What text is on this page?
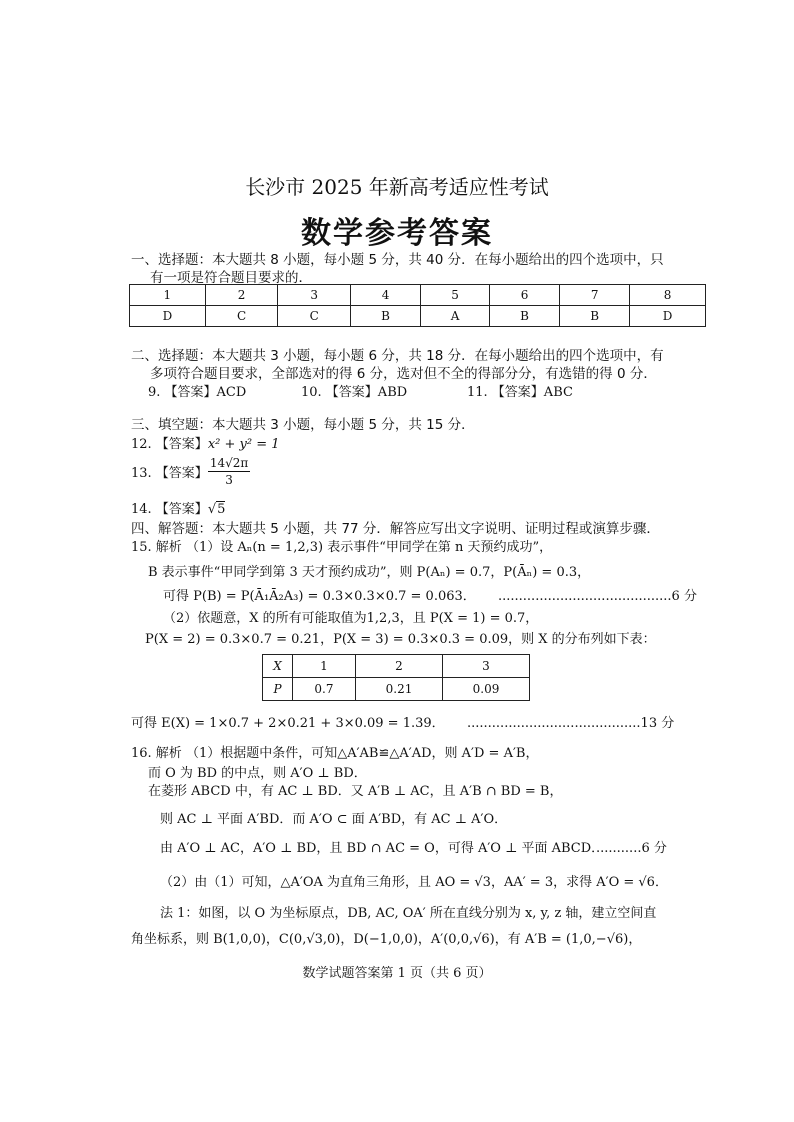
长沙市 2025 年新高考适应性考试
数学参考答案
一、选择题：本大题共 8 小题，每小题 5 分，共 40 分．在每小题给出的四个选项中，只
有一项是符合题目要求的．
1	2	3	4	5	6	7	8
D	C	C	B	A	B	B	D
二、选择题：本大题共 3 小题，每小题 6 分，共 18 分．在每小题给出的四个选项中，有
多项符合题目要求，全部选对的得 6 分，选对但不全的得部分分，有选错的得 0 分．
9. 【答案】ACD	10. 【答案】ABD	11. 【答案】ABC
三、填空题：本大题共 3 小题，每小题 5 分，共 15 分．
12. 【答案】x² + y² = 1
13. 【答案】 $\frac{14√2\pi}{3}$
14. 【答案】√5
四、解答题：本大题共 5 小题，共 77 分．解答应写出文字说明、证明过程或演算步骤．
15. 解析 （1）设 Aₙ(n = 1,2,3) 表示事件“甲同学在第 n 天预约成功”，
B 表示事件“甲同学到第 3 天才预约成功”，则 P(Aₙ) = 0.7，P(Āₙ) = 0.3，
可得 P(B) = P(Ā₁Ā₂A₃) = 0.3×0.3×0.7 = 0.063． ..........................................6 分
（2）依题意，X 的所有可能取值为1,2,3，且 P(X = 1) = 0.7，
P(X = 2) = 0.3×0.7 = 0.21，P(X = 3) = 0.3×0.3 = 0.09，则 X 的分布列如下表：
X	1	2	3
P	0.7	0.21	0.09
可得 E(X) = 1×0.7 + 2×0.21 + 3×0.09 = 1.39． ..........................................13 分
16. 解析 （1）根据题中条件，可知△A′AB≌△A′AD，则 A′D = A′B，
而 O 为 BD 的中点，则 A′O ⊥ BD．
在菱形 ABCD 中，有 AC ⊥ BD．又 A′B ⊥ AC，且 A′B ∩ BD = B，
则 AC ⊥ 平面 A′BD．而 A′O ⊂ 面 A′BD，有 AC ⊥ A′O．
由 A′O ⊥ AC，A′O ⊥ BD，且 BD ∩ AC = O，可得 A′O ⊥ 平面 ABCD．
...........6 分
（2）由（1）可知，△A′OA 为直角三角形，且 AO = √3，AA′ = 3，求得 A′O = √6．
法 1：如图，以 O 为坐标原点，DB, AC, OA′ 所在直线分别为 x, y, z 轴，建立空间直
角坐标系，则 B(1,0,0)，C(0,√3,0)，D(−1,0,0)，A′(0,0,√6)，有 A′B = (1,0,−√6)，
数学试题答案第 1 页（共 6 页）
